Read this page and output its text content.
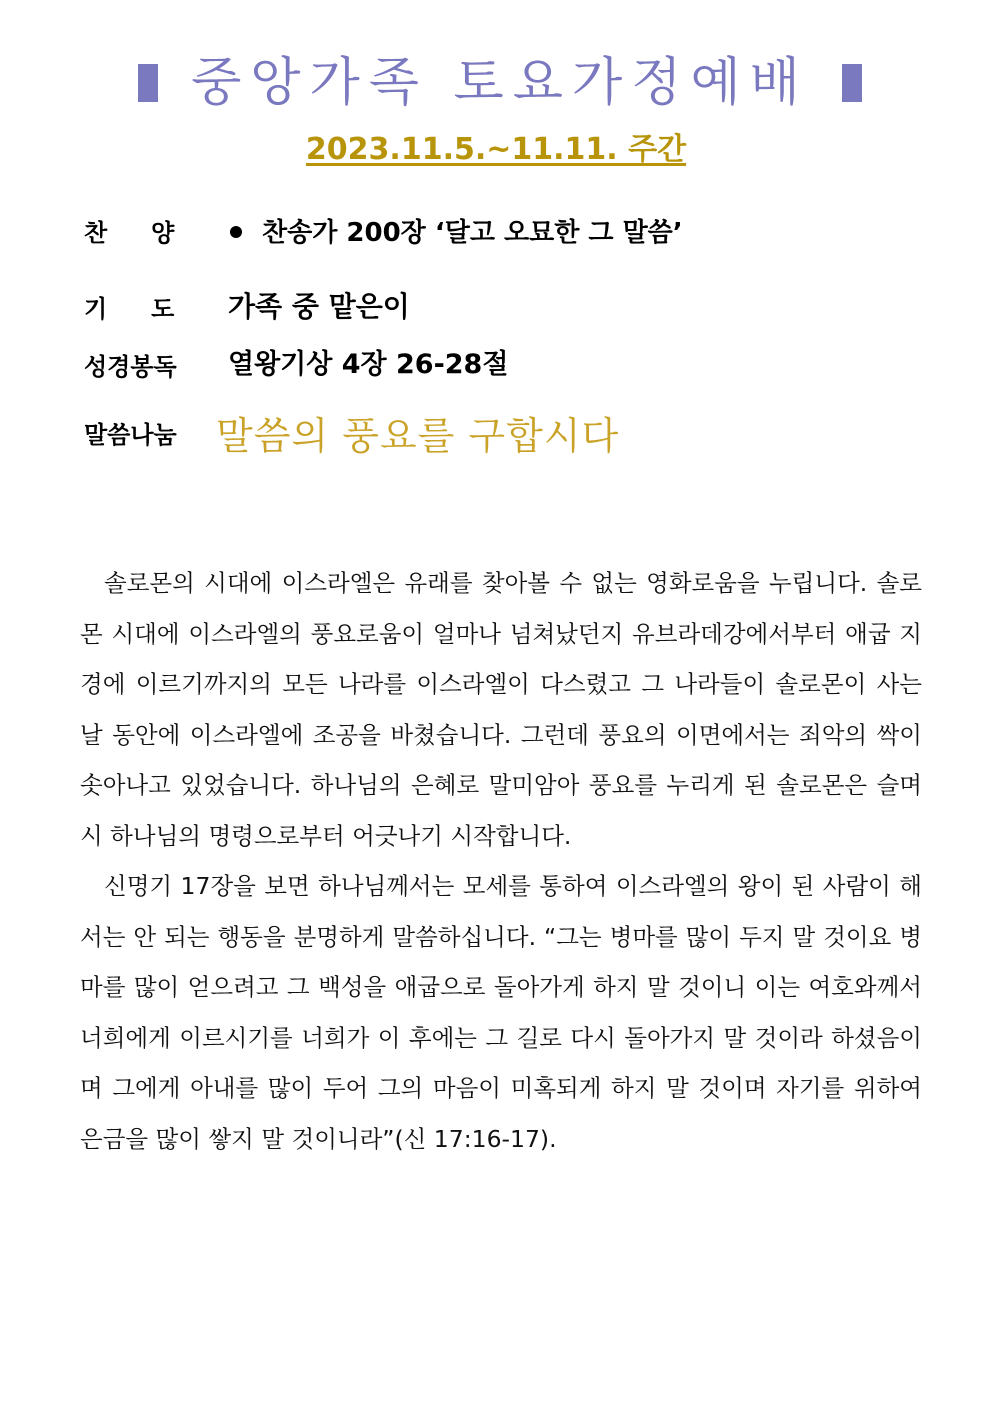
중앙가족 토요가정예배
2023.11.5.~11.11. 주간
찬양	찬송가 200장 ‘달고 오묘한 그 말씀’
기도 가족 중 맡은이
성경봉독 열왕기상 4장 26-28절
말씀나눔 말씀의 풍요를 구합시다

솔로몬의 시대에 이스라엘은 유래를 찾아볼 수 없는 영화로움을 누립니다. 솔로몬 시대에 이스라엘의 풍요로움이 얼마나 넘쳐났던지 유브라데강에서부터 애굽 지경에 이르기까지의 모든 나라를 이스라엘이 다스렸고 그 나라들이 솔로몬이 사는 날 동안에 이스라엘에 조공을 바쳤습니다. 그런데 풍요의 이면에서는 죄악의 싹이 솟아나고 있었습니다. 하나님의 은혜로 말미암아 풍요를 누리게 된 솔로몬은 슬며시 하나님의 명령으로부터 어긋나기 시작합니다.

신명기 17장을 보면 하나님께서는 모세를 통하여 이스라엘의 왕이 된 사람이 해서는 안 되는 행동을 분명하게 말씀하십니다. “그는 병마를 많이 두지 말 것이요 병마를 많이 얻으려고 그 백성을 애굽으로 돌아가게 하지 말 것이니 이는 여호와께서 너희에게 이르시기를 너희가 이 후에는 그 길로 다시 돌아가지 말 것이라 하셨음이며 그에게 아내를 많이 두어 그의 마음이 미혹되게 하지 말 것이며 자기를 위하여 은금을 많이 쌓지 말 것이니라”(신 17:16-17).
